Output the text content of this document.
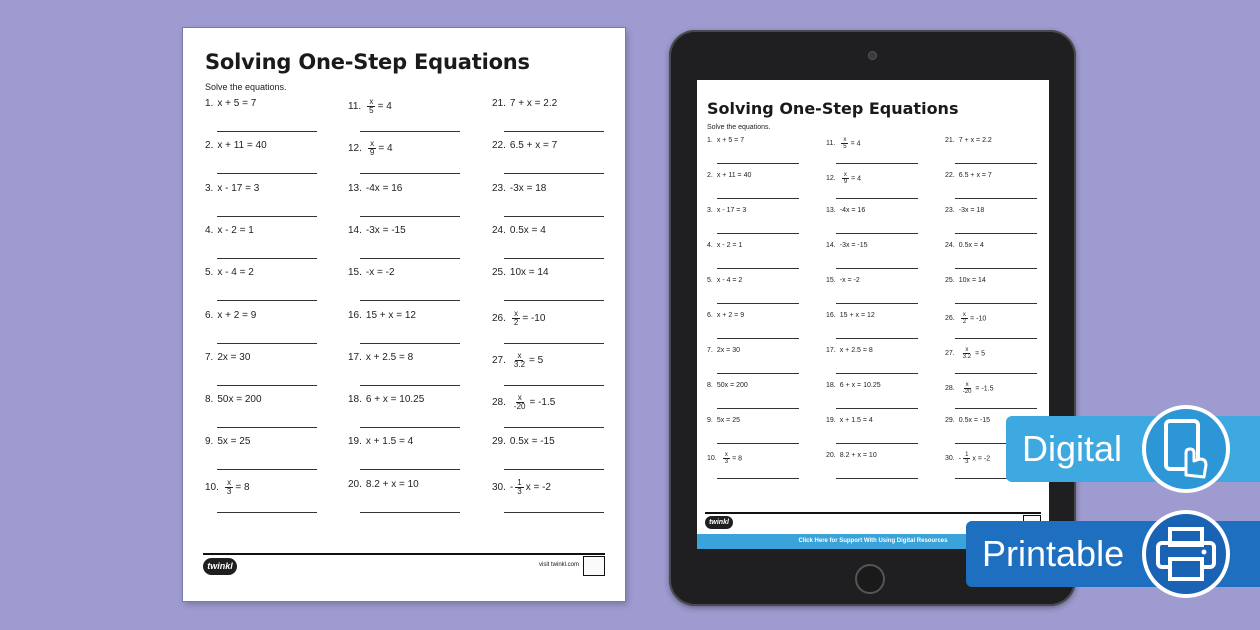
Solving One-Step Equations
Solve the equations.
1. x + 5 = 7
2. x + 11 = 40
3. x - 17 = 3
4. x - 2 = 1
5. x - 4 = 2
6. x + 2 = 9
7. 2x = 30
8. 50x = 200
9. 5x = 25
10. $\frac{x}{3} = 8$
11. $\frac{x}{5} = 4$
12. $\frac{x}{9} = 4$
13. -4x = 16
14. -3x = -15
15. -x = -2
16. 15 + x = 12
17. x + 2.5 = 8
18. 6 + x = 10.25
19. x + 1.5 = 4
20. 8.2 + x = 10
21. 7 + x = 2.2
22. 6.5 + x = 7
23. -3x = 18
24. 0.5x = 4
25. 10x = 14
26. $\frac{x}{2} = -10$
27. $\frac{x}{3.2} = 5$
28. $\frac{x}{-20} = -1.5$
29. 0.5x = -15
30. - $\frac{1}{3}$ x = -2
twinkl	visit twinkl.com
Solving One-Step Equations
Solve the equations.
1. x + 5 = 7
2. x + 11 = 40
3. x - 17 = 3
4. x - 2 = 1
5. x - 4 = 2
6. x + 2 = 9
7. 2x = 30
8. 50x = 200
9. 5x = 25
10. $\frac{x}{3} = 8$
11. $\frac{x}{5} = 4$
12. $\frac{x}{9} = 4$
13. -4x = 16
14. -3x = -15
15. -x = -2
16. 15 + x = 12
17. x + 2.5 = 8
18. 6 + x = 10.25
19. x + 1.5 = 4
20. 8.2 + x = 10
21. 7 + x = 2.2
22. 6.5 + x = 7
23. -3x = 18
24. 0.5x = 4
25. 10x = 14
26. $\frac{x}{2} = -10$
27. $\frac{x}{3.2} = 5$
28. $\frac{x}{-20} = -1.5$
29. 0.5x = -15
30. - $\frac{1}{3}$ x = -2
twinkl
Click Here for Support With Using Digital Resources
Digital
Printable
